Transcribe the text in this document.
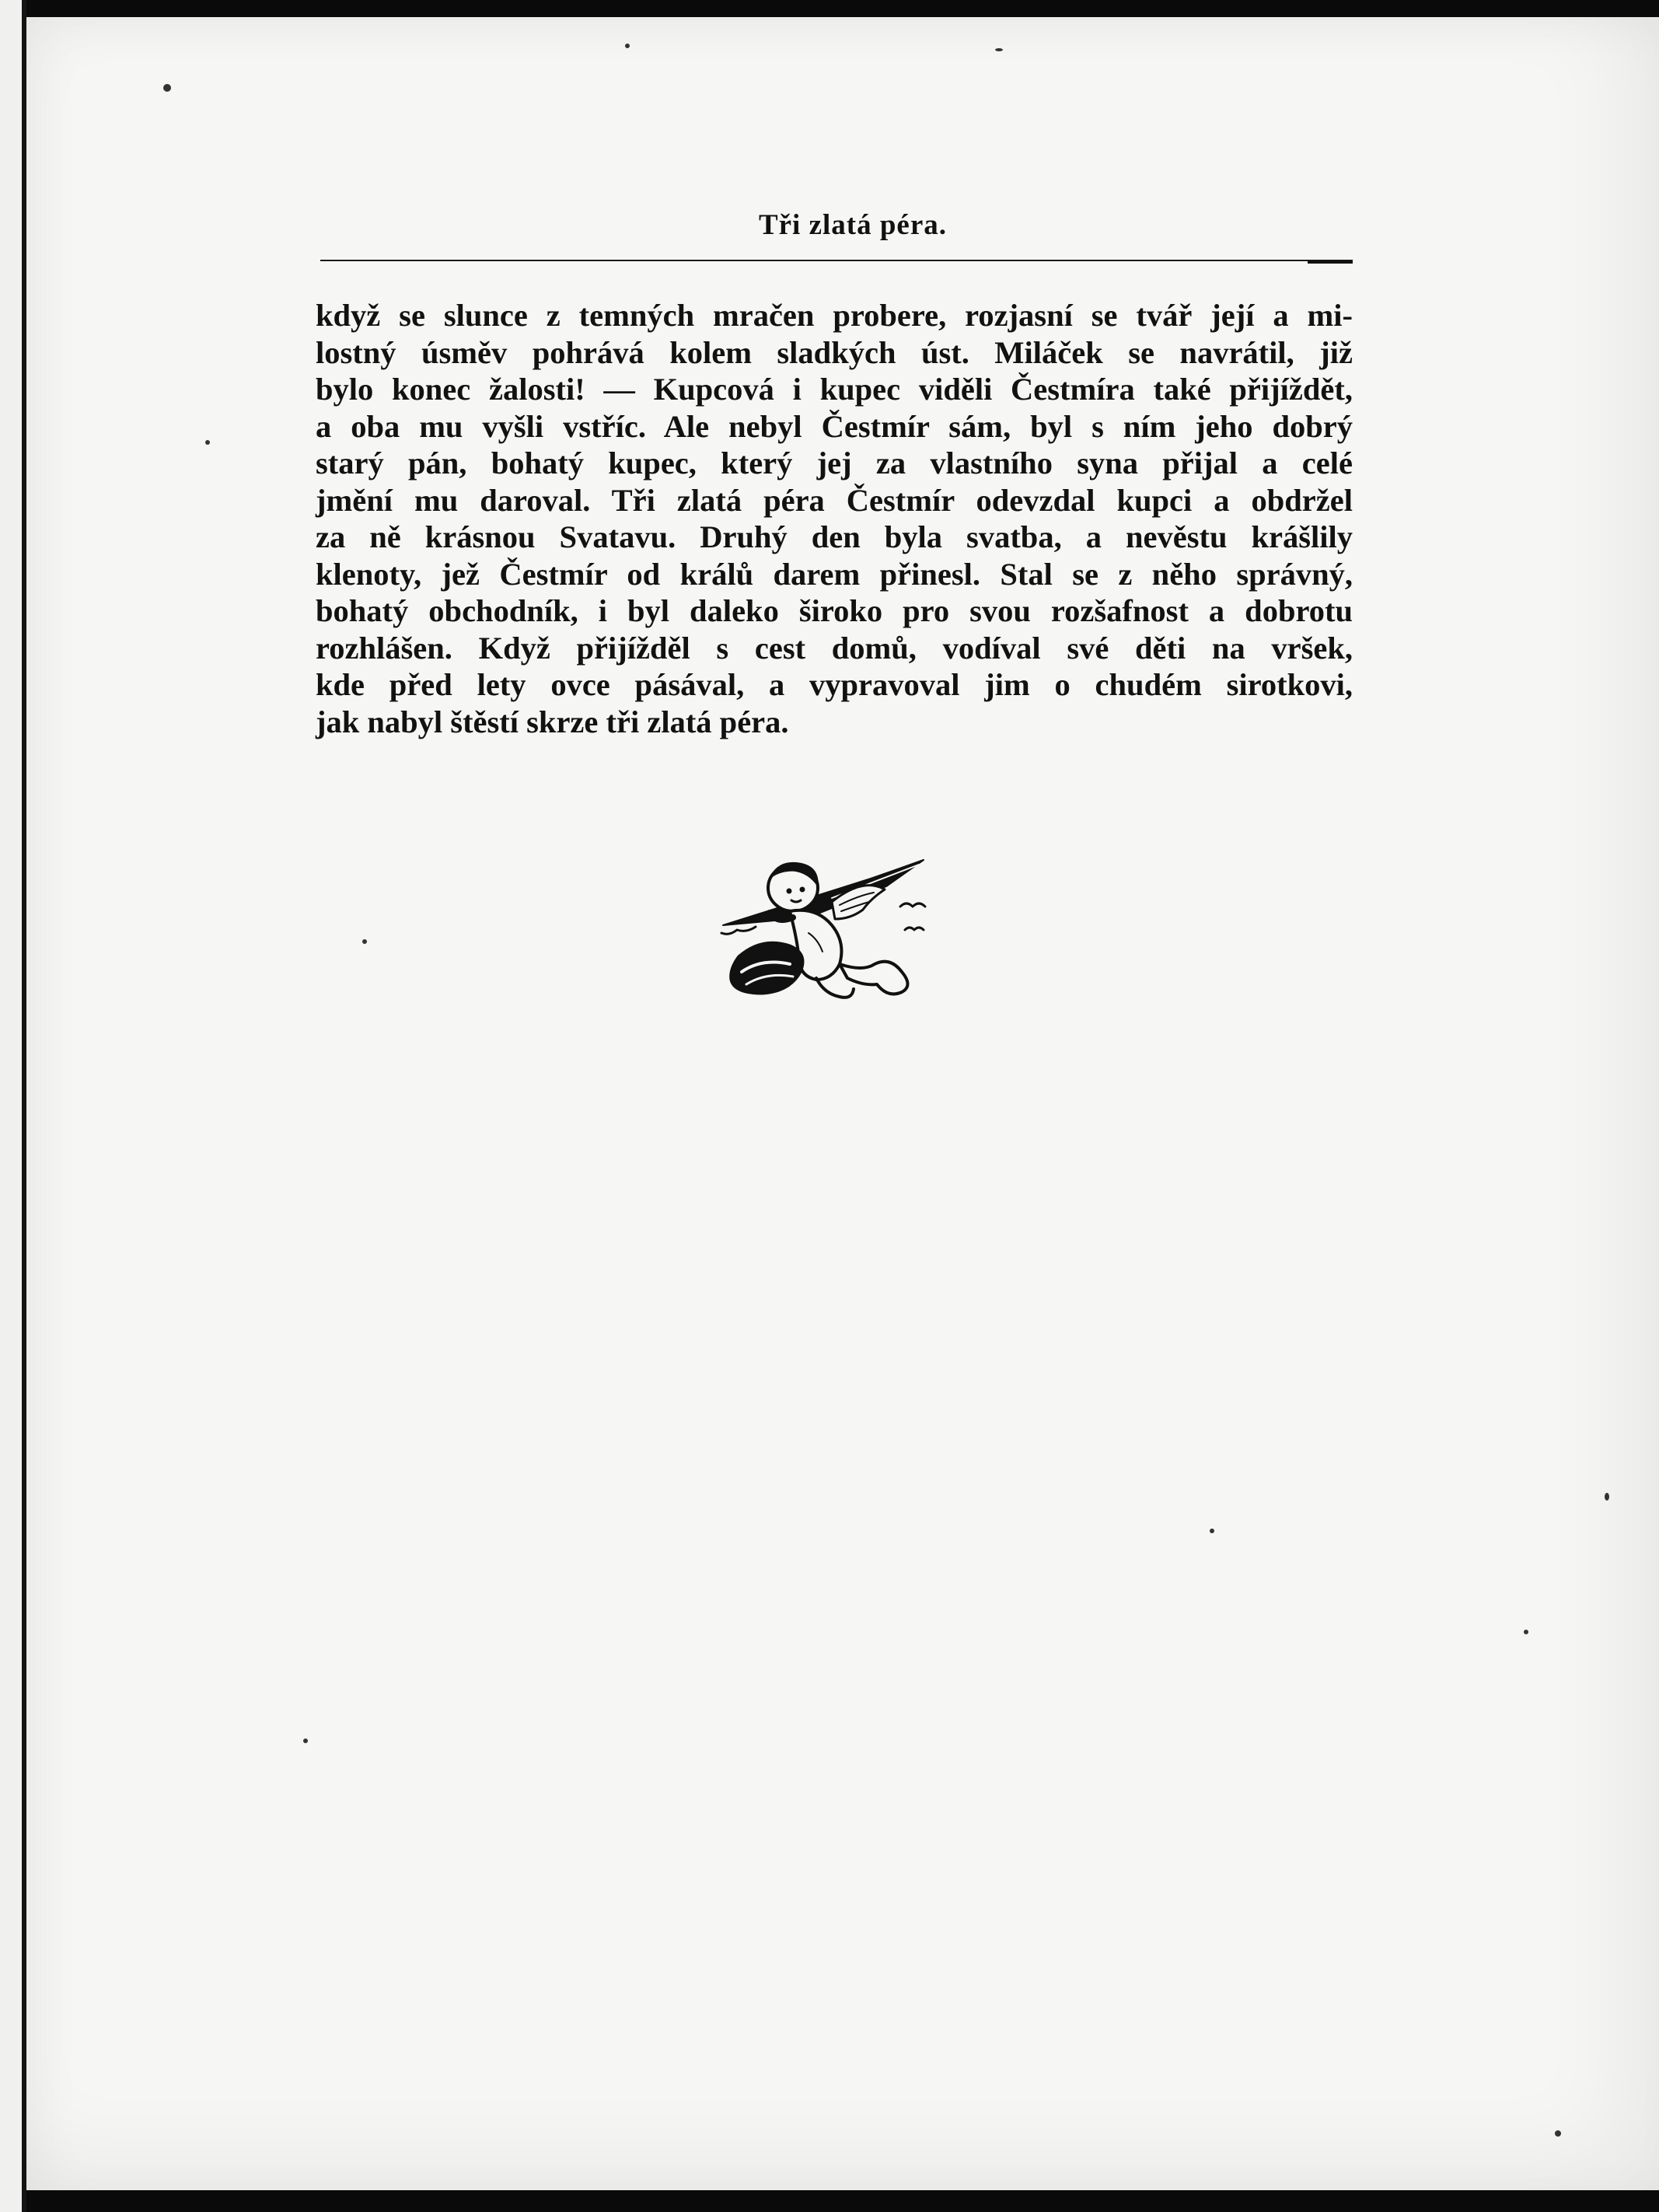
Tři zlatá péra.
když se slunce z temných mračen probere, rozjasní se tvář její a mi-
lostný úsměv pohrává kolem sladkých úst. Miláček se navrátil, již
bylo konec žalosti! — Kupcová i kupec viděli Čestmíra také přijíždět,
a oba mu vyšli vstříc. Ale nebyl Čestmír sám, byl s ním jeho dobrý
starý pán, bohatý kupec, který jej za vlastního syna přijal a celé
jmění mu daroval. Tři zlatá péra Čestmír odevzdal kupci a obdržel
za ně krásnou Svatavu. Druhý den byla svatba, a nevěstu krášlily
klenoty, jež Čestmír od králů darem přinesl. Stal se z něho správný,
bohatý obchodník, i byl daleko široko pro svou rozšafnost a dobrotu
rozhlášen. Když přijížděl s cest domů, vodíval své děti na vršek,
kde před lety ovce pásával, a vypravoval jim o chudém sirotkovi,
jak nabyl štěstí skrze tři zlatá péra.
